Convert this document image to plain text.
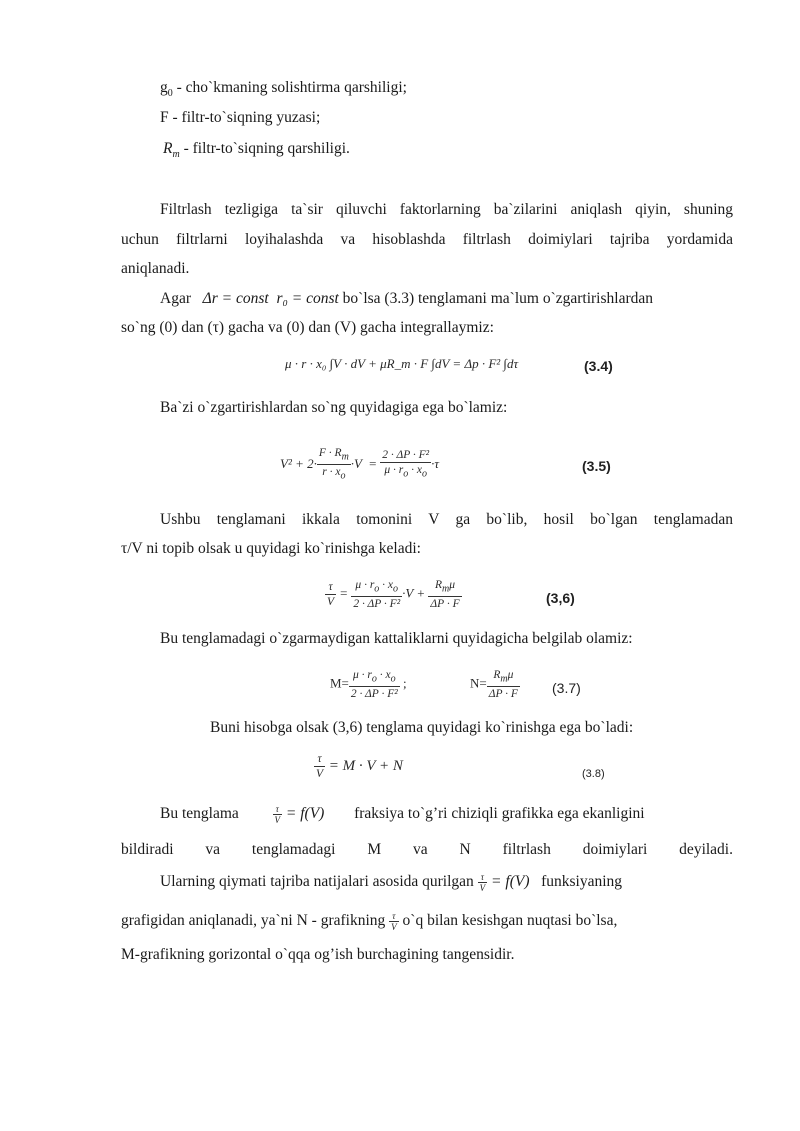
$g_0$ - cho`kmaning solishtirma qarshiligi;
F - filtr-to`siqning yuzasi;
$R_m$ - filtr-to`siqning qarshiligi.
Filtrlash tezligiga ta`sir qiluvchi faktorlarning ba`zilarini aniqlash qiyin, shuning
uchun filtrlarni loyihalashda va hisoblashda filtrlash doimiylari tajriba yordamida
aniqlanadi.
Agar Δr = const r₀ = const bo`lsa (3.3) tenglamani ma`lum o`zgartirishlardan
so`ng (0) dan (τ) gacha va (0) dan (V) gacha integrallaymiz:
μ · r · x₀ ∫V · dV + μR_m · F ∫dV = Δp · F² ∫dτ	(3.4)
Ba`zi o`zgartirishlardan so`ng quyidagiga ega bo`lamiz:
$V^2 + 2\cdot \frac{F \cdot R_m}{r \cdot x_o} \cdot V = \frac{\text{2 · ΔP · F²}}{\mu \cdot r_o \cdot x_o} \cdot\tau$	(3.5)
Ushbu tenglamani ikkala tomonini V ga bo`lib, hosil bo`lgan tenglamadan
τ/V ni topib olsak u quyidagi ko`rinishga keladi:
$\frac{\tau}{V} = \frac{\mu \cdot r_o \cdot x_o}{\text{2 · ΔP · F²}} \cdot V + \frac{R_m\mu}{\Delta P \cdot F}$	(3,6)
Bu tenglamadagi o`zgarmaydigan kattaliklarni quyidagicha belgilab olamiz:
$M= \frac{\mu \cdot r_o \cdot x_o}{\text{2 · ΔP · F²}}$ ;	$N= \frac{R_m\mu}{\Delta P \cdot F} (3.7)$
Buni hisobga olsak (3,6) tenglama quyidagi ko`rinishga ega bo`ladi:
$\frac{\tau}{V} = M \cdot V + N$
(3.8)
Bu tenglama	$\frac{\tau}{V} = f(V)$ fraksiya to`g’ri chiziqli grafikka ega ekanligini
bildiradi va tenglamadagi M va N filtrlash doimiylari deyiladi.
Ularning qiymati tajriba natijalari asosida qurilgan $\frac{\tau}{V} = f(V)$ funksiyaning
grafigidan aniqlanadi, ya`ni N - grafikning $\frac{\tau}{V}$ o`q bilan kesishgan nuqtasi bo`lsa,
M-grafikning gorizontal o`qqa og’ish burchagining tangensidir.
